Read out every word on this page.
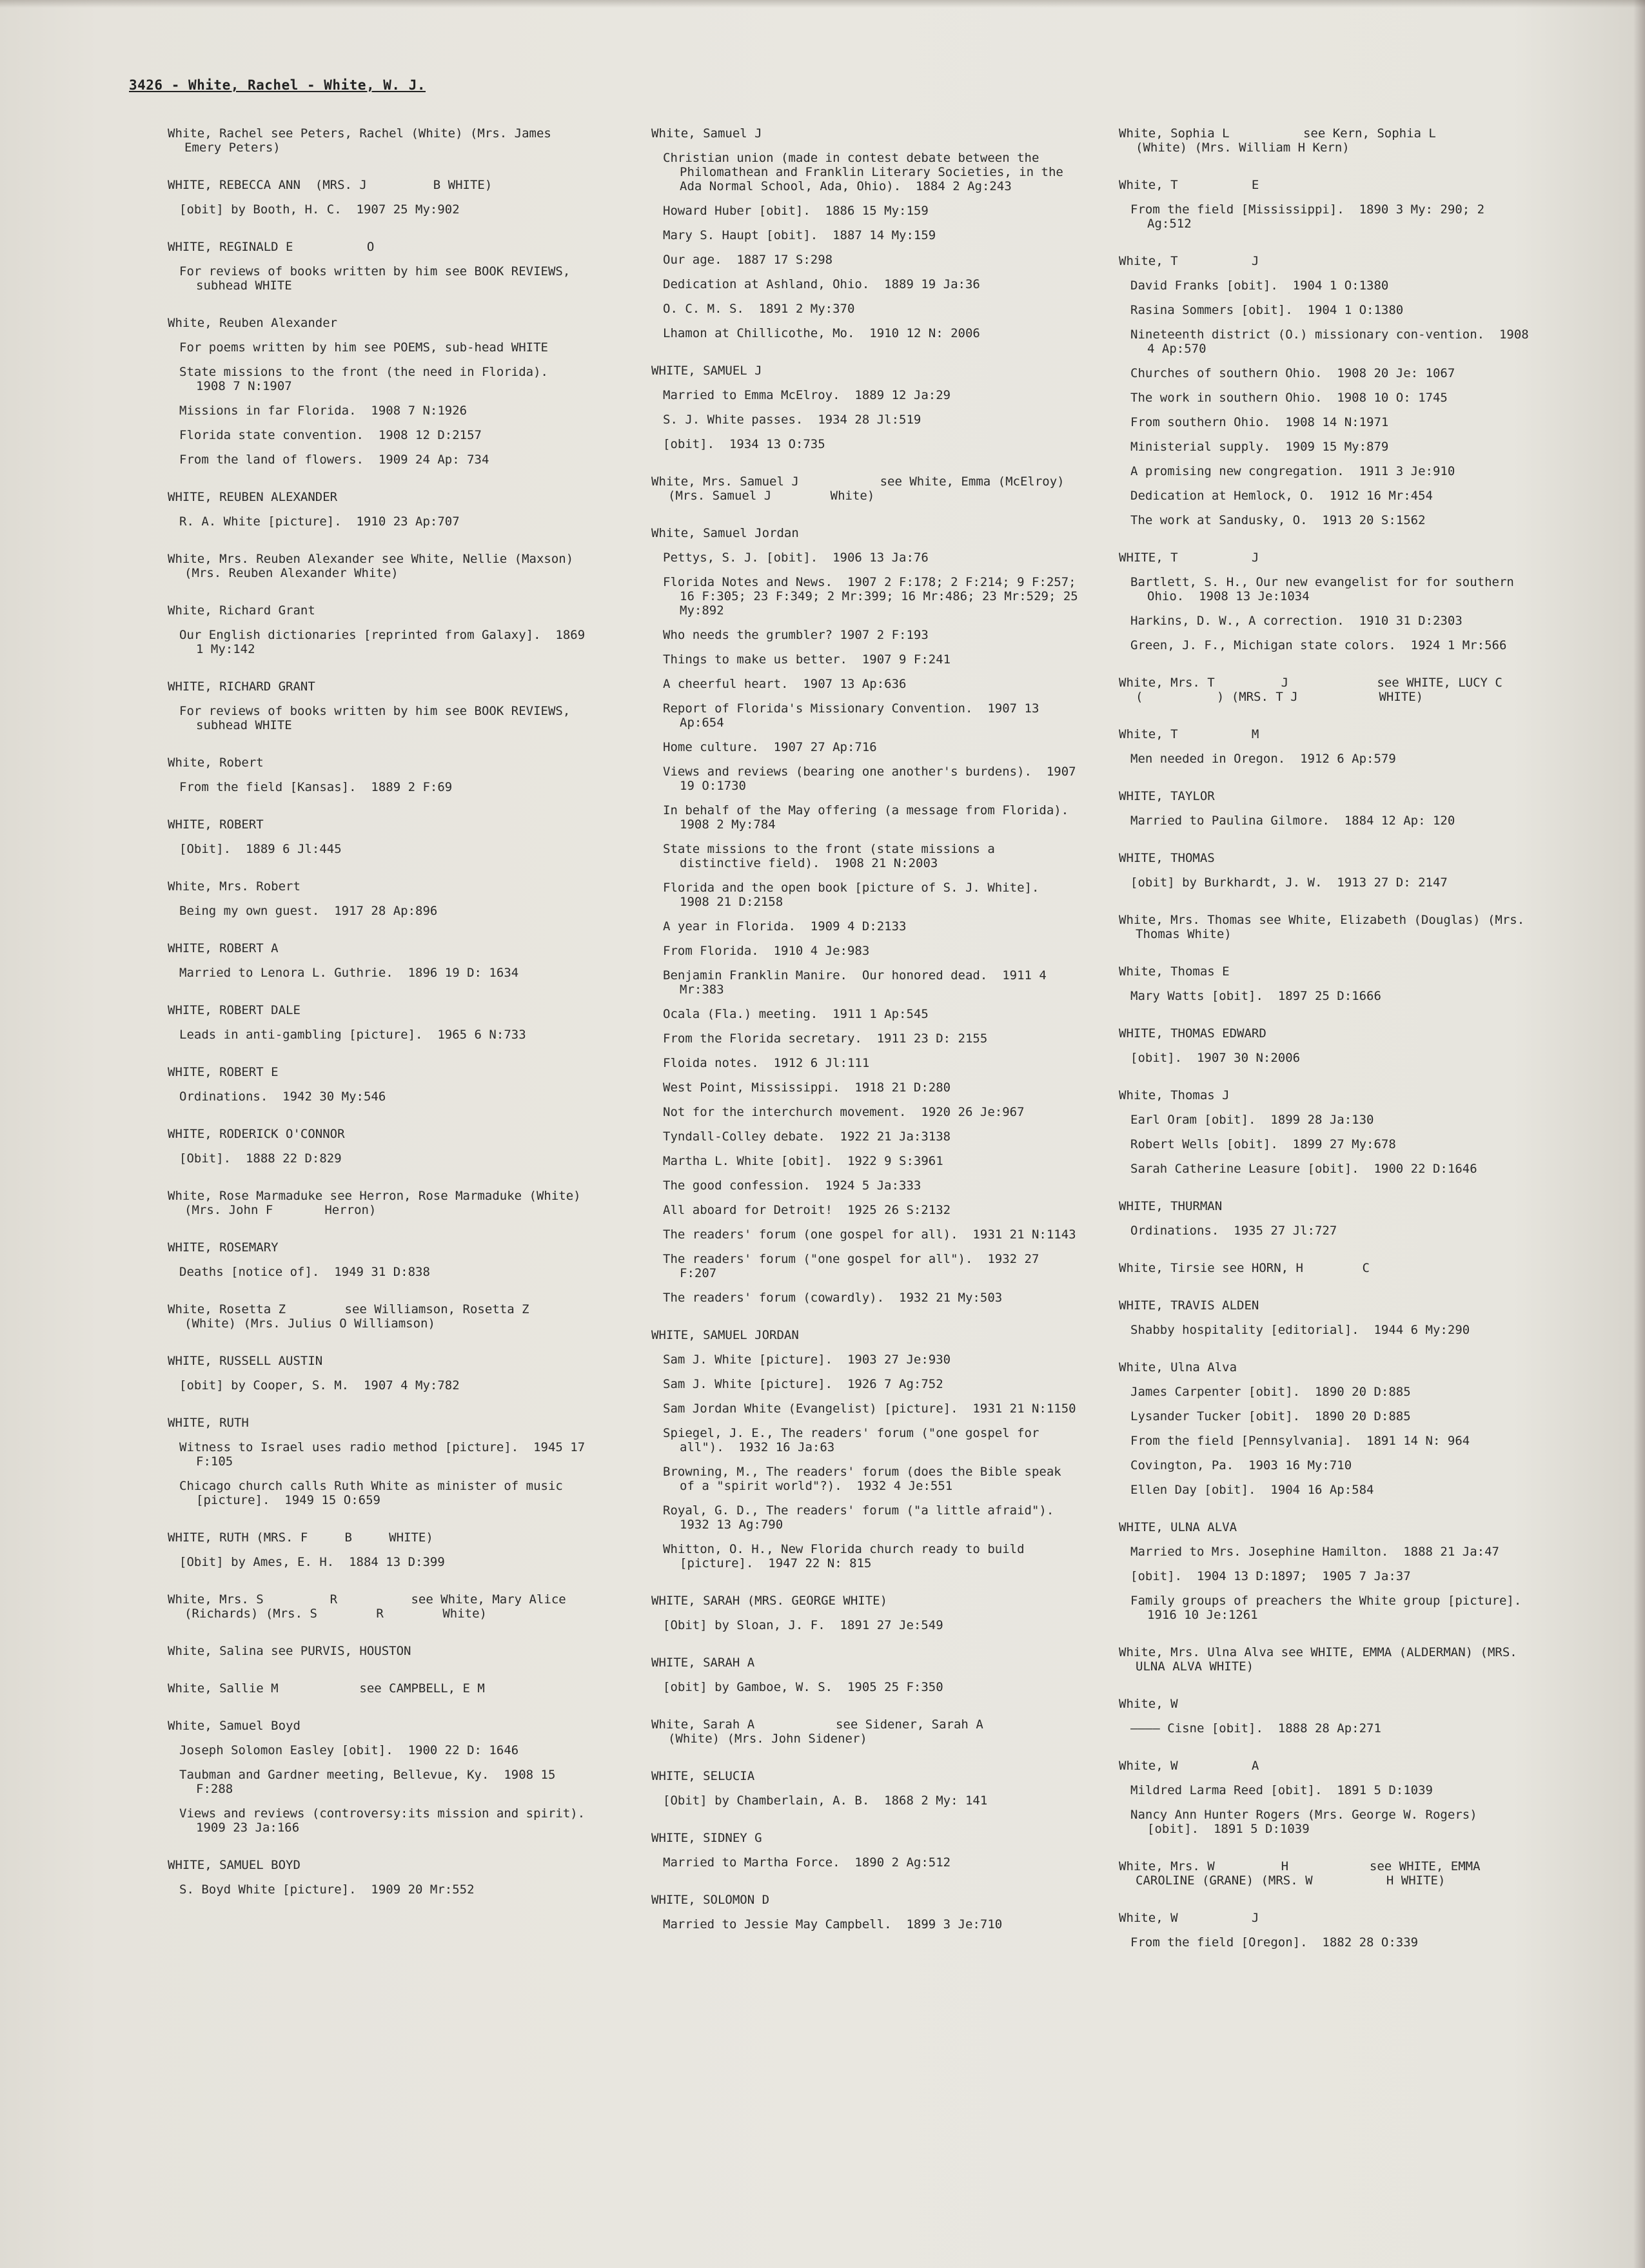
3426 - White, Rachel - White, W. J.
White, Rachel see Peters, Rachel (White) (Mrs. James Emery Peters)
WHITE, REBECCA ANN  (MRS. J         B WHITE)
[obit] by Booth, H. C.  1907 25 My:902
WHITE, REGINALD E          O
For reviews of books written by him see BOOK REVIEWS, subhead WHITE
White, Reuben Alexander
For poems written by him see POEMS, sub-head WHITE
State missions to the front (the need in Florida).  1908 7 N:1907
Missions in far Florida.  1908 7 N:1926
Florida state convention.  1908 12 D:2157
From the land of flowers.  1909 24 Ap: 734
WHITE, REUBEN ALEXANDER
R. A. White [picture].  1910 23 Ap:707
White, Mrs. Reuben Alexander see White, Nellie (Maxson) (Mrs. Reuben Alexander White)
White, Richard Grant
Our English dictionaries [reprinted from Galaxy].  1869 1 My:142
WHITE, RICHARD GRANT
For reviews of books written by him see BOOK REVIEWS, subhead WHITE
White, Robert
From the field [Kansas].  1889 2 F:69
WHITE, ROBERT
[Obit].  1889 6 Jl:445
White, Mrs. Robert
Being my own guest.  1917 28 Ap:896
WHITE, ROBERT A
Married to Lenora L. Guthrie.  1896 19 D: 1634
WHITE, ROBERT DALE
Leads in anti-gambling [picture].  1965 6 N:733
WHITE, ROBERT E
Ordinations.  1942 30 My:546
WHITE, RODERICK O'CONNOR
[Obit].  1888 22 D:829
White, Rose Marmaduke see Herron, Rose Marmaduke (White) (Mrs. John F       Herron)
WHITE, ROSEMARY
Deaths [notice of].  1949 31 D:838
White, Rosetta Z        see Williamson, Rosetta Z        (White) (Mrs. Julius O Williamson)
WHITE, RUSSELL AUSTIN
[obit] by Cooper, S. M.  1907 4 My:782
WHITE, RUTH
Witness to Israel uses radio method [picture].  1945 17 F:105
Chicago church calls Ruth White as minister of music [picture].  1949 15 O:659
WHITE, RUTH (MRS. F     B     WHITE)
[Obit] by Ames, E. H.  1884 13 D:399
White, Mrs. S         R          see White, Mary Alice (Richards) (Mrs. S        R        White)
White, Salina see PURVIS, HOUSTON
White, Sallie M           see CAMPBELL, E M
White, Samuel Boyd
Joseph Solomon Easley [obit].  1900 22 D: 1646
Taubman and Gardner meeting, Bellevue, Ky.  1908 15 F:288
Views and reviews (controversy:its mission and spirit).  1909 23 Ja:166
WHITE, SAMUEL BOYD
S. Boyd White [picture].  1909 20 Mr:552
White, Samuel J
Christian union (made in contest debate between the Philomathean and Franklin Literary Societies, in the Ada Normal School, Ada, Ohio).  1884 2 Ag:243
Howard Huber [obit].  1886 15 My:159
Mary S. Haupt [obit].  1887 14 My:159
Our age.  1887 17 S:298
Dedication at Ashland, Ohio.  1889 19 Ja:36
O. C. M. S.  1891 2 My:370
Lhamon at Chillicothe, Mo.  1910 12 N: 2006
WHITE, SAMUEL J
Married to Emma McElroy.  1889 12 Ja:29
S. J. White passes.  1934 28 Jl:519
[obit].  1934 13 O:735
White, Mrs. Samuel J           see White, Emma (McElroy) (Mrs. Samuel J        White)
White, Samuel Jordan
Pettys, S. J. [obit].  1906 13 Ja:76
Florida Notes and News.  1907 2 F:178; 2 F:214; 9 F:257; 16 F:305; 23 F:349; 2 Mr:399; 16 Mr:486; 23 Mr:529; 25 My:892
Who needs the grumbler? 1907 2 F:193
Things to make us better.  1907 9 F:241
A cheerful heart.  1907 13 Ap:636
Report of Florida's Missionary Convention.  1907 13 Ap:654
Home culture.  1907 27 Ap:716
Views and reviews (bearing one another's burdens).  1907 19 O:1730
In behalf of the May offering (a message from Florida).  1908 2 My:784
State missions to the front (state missions a distinctive field).  1908 21 N:2003
Florida and the open book [picture of S. J. White].  1908 21 D:2158
A year in Florida.  1909 4 D:2133
From Florida.  1910 4 Je:983
Benjamin Franklin Manire.  Our honored dead.  1911 4 Mr:383
Ocala (Fla.) meeting.  1911 1 Ap:545
From the Florida secretary.  1911 23 D: 2155
Floida notes.  1912 6 Jl:111
West Point, Mississippi.  1918 21 D:280
Not for the interchurch movement.  1920 26 Je:967
Tyndall-Colley debate.  1922 21 Ja:3138
Martha L. White [obit].  1922 9 S:3961
The good confession.  1924 5 Ja:333
All aboard for Detroit!  1925 26 S:2132
The readers' forum (one gospel for all).  1931 21 N:1143
The readers' forum ("one gospel for all").  1932 27 F:207
The readers' forum (cowardly).  1932 21 My:503
WHITE, SAMUEL JORDAN
Sam J. White [picture].  1903 27 Je:930
Sam J. White [picture].  1926 7 Ag:752
Sam Jordan White (Evangelist) [picture].  1931 21 N:1150
Spiegel, J. E., The readers' forum ("one gospel for all").  1932 16 Ja:63
Browning, M., The readers' forum (does the Bible speak of a "spirit world"?).  1932 4 Je:551
Royal, G. D., The readers' forum ("a little afraid").  1932 13 Ag:790
Whitton, O. H., New Florida church ready to build [picture].  1947 22 N: 815
WHITE, SARAH (MRS. GEORGE WHITE)
[Obit] by Sloan, J. F.  1891 27 Je:549
WHITE, SARAH A
[obit] by Gamboe, W. S.  1905 25 F:350
White, Sarah A           see Sidener, Sarah A        (White) (Mrs. John Sidener)
WHITE, SELUCIA
[Obit] by Chamberlain, A. B.  1868 2 My: 141
WHITE, SIDNEY G
Married to Martha Force.  1890 2 Ag:512
WHITE, SOLOMON D
Married to Jessie May Campbell.  1899 3 Je:710
White, Sophia L          see Kern, Sophia L        (White) (Mrs. William H Kern)
White, T          E
From the field [Mississippi].  1890 3 My: 290; 2 Ag:512
White, T          J
David Franks [obit].  1904 1 O:1380
Rasina Sommers [obit].  1904 1 O:1380
Nineteenth district (O.) missionary con-vention.  1908 4 Ap:570
Churches of southern Ohio.  1908 20 Je: 1067
The work in southern Ohio.  1908 10 O: 1745
From southern Ohio.  1908 14 N:1971
Ministerial supply.  1909 15 My:879
A promising new congregation.  1911 3 Je:910
Dedication at Hemlock, O.  1912 16 Mr:454
The work at Sandusky, O.  1913 20 S:1562
WHITE, T          J
Bartlett, S. H., Our new evangelist for for southern Ohio.  1908 13 Je:1034
Harkins, D. W., A correction.  1910 31 D:2303
Green, J. F., Michigan state colors.  1924 1 Mr:566
White, Mrs. T         J            see WHITE, LUCY C          (          ) (MRS. T J           WHITE)
White, T          M
Men needed in Oregon.  1912 6 Ap:579
WHITE, TAYLOR
Married to Paulina Gilmore.  1884 12 Ap: 120
WHITE, THOMAS
[obit] by Burkhardt, J. W.  1913 27 D: 2147
White, Mrs. Thomas see White, Elizabeth (Douglas) (Mrs. Thomas White)
White, Thomas E
Mary Watts [obit].  1897 25 D:1666
WHITE, THOMAS EDWARD
[obit].  1907 30 N:2006
White, Thomas J
Earl Oram [obit].  1899 28 Ja:130
Robert Wells [obit].  1899 27 My:678
Sarah Catherine Leasure [obit].  1900 22 D:1646
WHITE, THURMAN
Ordinations.  1935 27 Jl:727
White, Tirsie see HORN, H        C
WHITE, TRAVIS ALDEN
Shabby hospitality [editorial].  1944 6 My:290
White, Ulna Alva
James Carpenter [obit].  1890 20 D:885
Lysander Tucker [obit].  1890 20 D:885
From the field [Pennsylvania].  1891 14 N: 964
Covington, Pa.  1903 16 My:710
Ellen Day [obit].  1904 16 Ap:584
WHITE, ULNA ALVA
Married to Mrs. Josephine Hamilton.  1888 21 Ja:47
[obit].  1904 13 D:1897;  1905 7 Ja:37
Family groups of preachers the White group [picture].  1916 10 Je:1261
White, Mrs. Ulna Alva see WHITE, EMMA (ALDERMAN) (MRS. ULNA ALVA WHITE)
White, W
———— Cisne [obit].  1888 28 Ap:271
White, W          A
Mildred Larma Reed [obit].  1891 5 D:1039
Nancy Ann Hunter Rogers (Mrs. George W. Rogers) [obit].  1891 5 D:1039
White, Mrs. W         H           see WHITE, EMMA CAROLINE (GRANE) (MRS. W          H WHITE)
White, W          J
From the field [Oregon].  1882 28 O:339
